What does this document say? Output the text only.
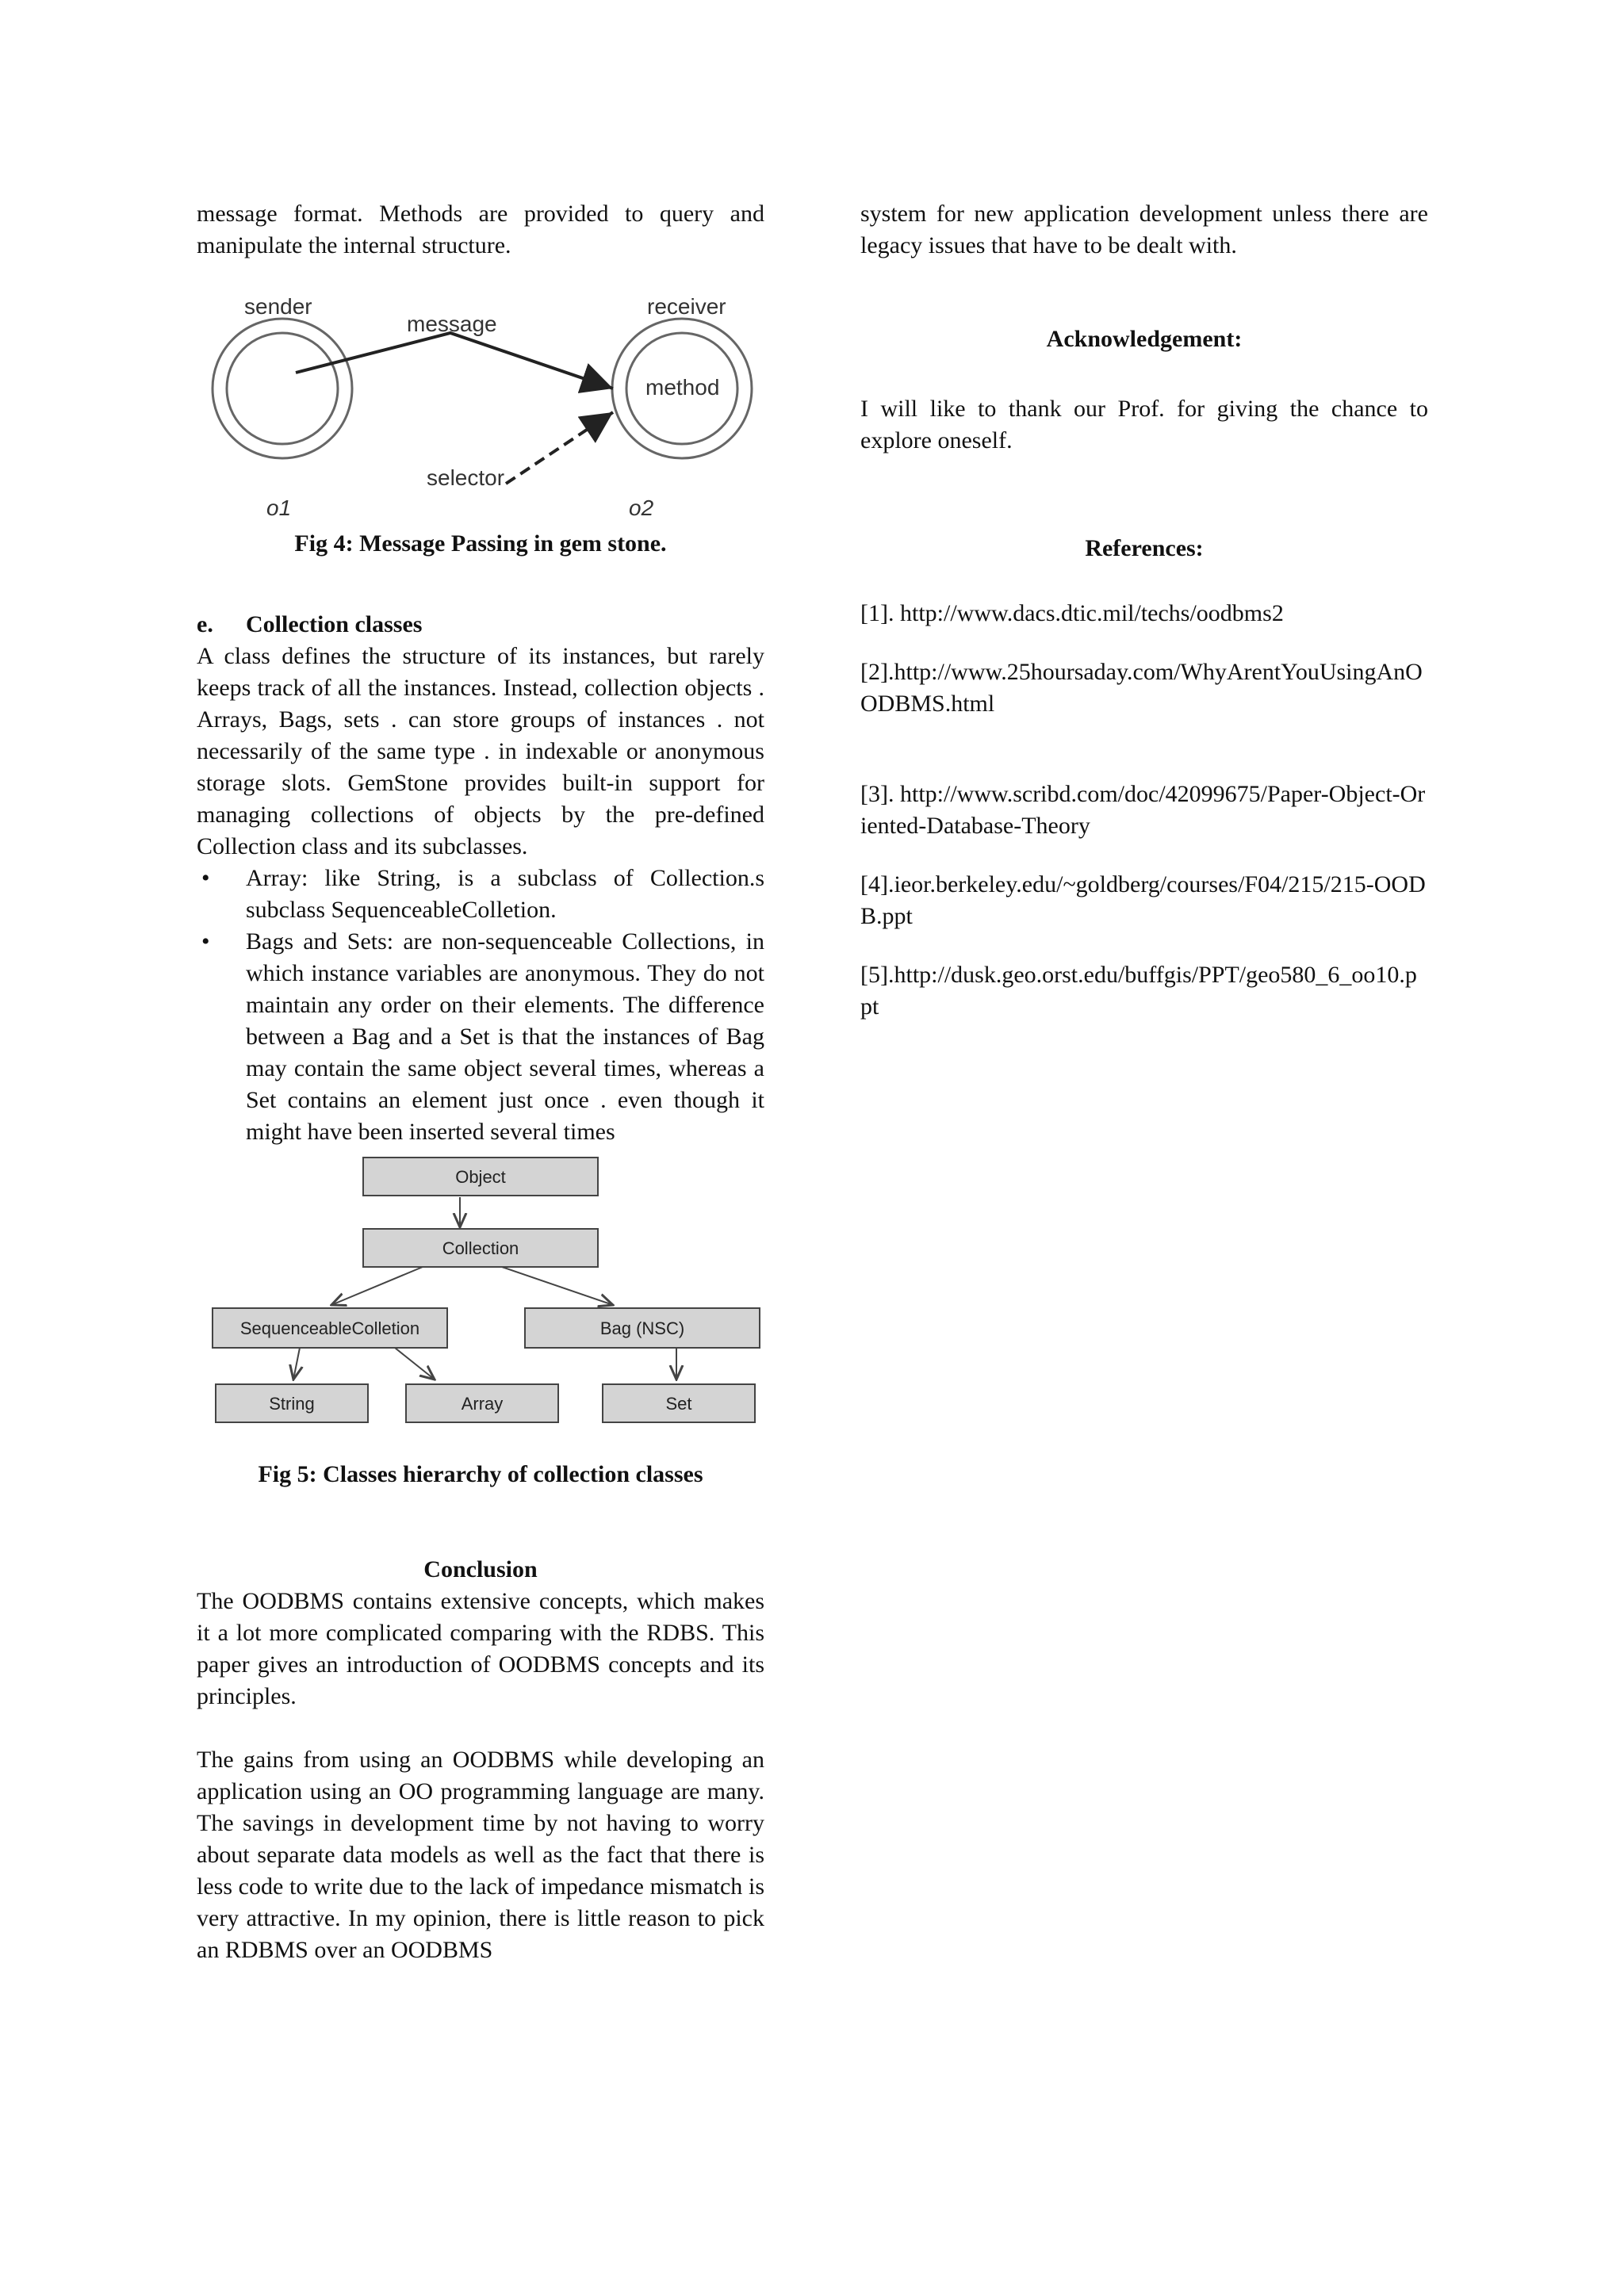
message format. Methods are provided to query and manipulate the internal structure.

sender	receiver
message
method
selector
o1	o2

Fig 4: Message Passing in gem stone.

e. Collection classes

A class defines the structure of its instances, but rarely keeps track of all the instances. Instead, collection objects . Arrays, Bags, sets . can store groups of instances . not necessarily of the same type . in indexable or anonymous storage slots. GemStone provides built-in support for managing collections of objects by the pre-defined Collection class and its subclasses.

• Array: like String, is a subclass of Collection.s subclass SequenceableColletion.
• Bags and Sets: are non-sequenceable Collections, in which instance variables are anonymous. They do not maintain any order on their elements. The difference between a Bag and a Set is that the instances of Bag may contain the same object several times, whereas a Set contains an element just once . even though it might have been inserted several times
Object
Collection
SequenceableColletion	Bag (NSC)
String	Array	Set

Fig 5: Classes hierarchy of collection classes

Conclusion

The OODBMS contains extensive concepts, which makes it a lot more complicated comparing with the RDBS. This paper gives an introduction of OODBMS concepts and its principles.

The gains from using an OODBMS while developing an application using an OO programming language are many. The savings in development time by not having to worry about separate data models as well as the fact that there is less code to write due to the lack of impedance mismatch is very attractive. In my opinion, there is little reason to pick an RDBMS over an OODBMS

system for new application development unless there are legacy issues that have to be dealt with.

Acknowledgement:

I will like to thank our Prof. for giving the chance to explore oneself.

References:

[1]. http://www.dacs.dtic.mil/techs/oodbms2

[2].http://www.25hoursaday.com/WhyArentYouUsingAnOODBMS.html

[3]. http://www.scribd.com/doc/42099675/Paper-Object-Oriented-Database-Theory

[4].ieor.berkeley.edu/~goldberg/courses/F04/215/215-OODB.ppt

[5].http://dusk.geo.orst.edu/buffgis/PPT/geo580_6_oo10.ppt
